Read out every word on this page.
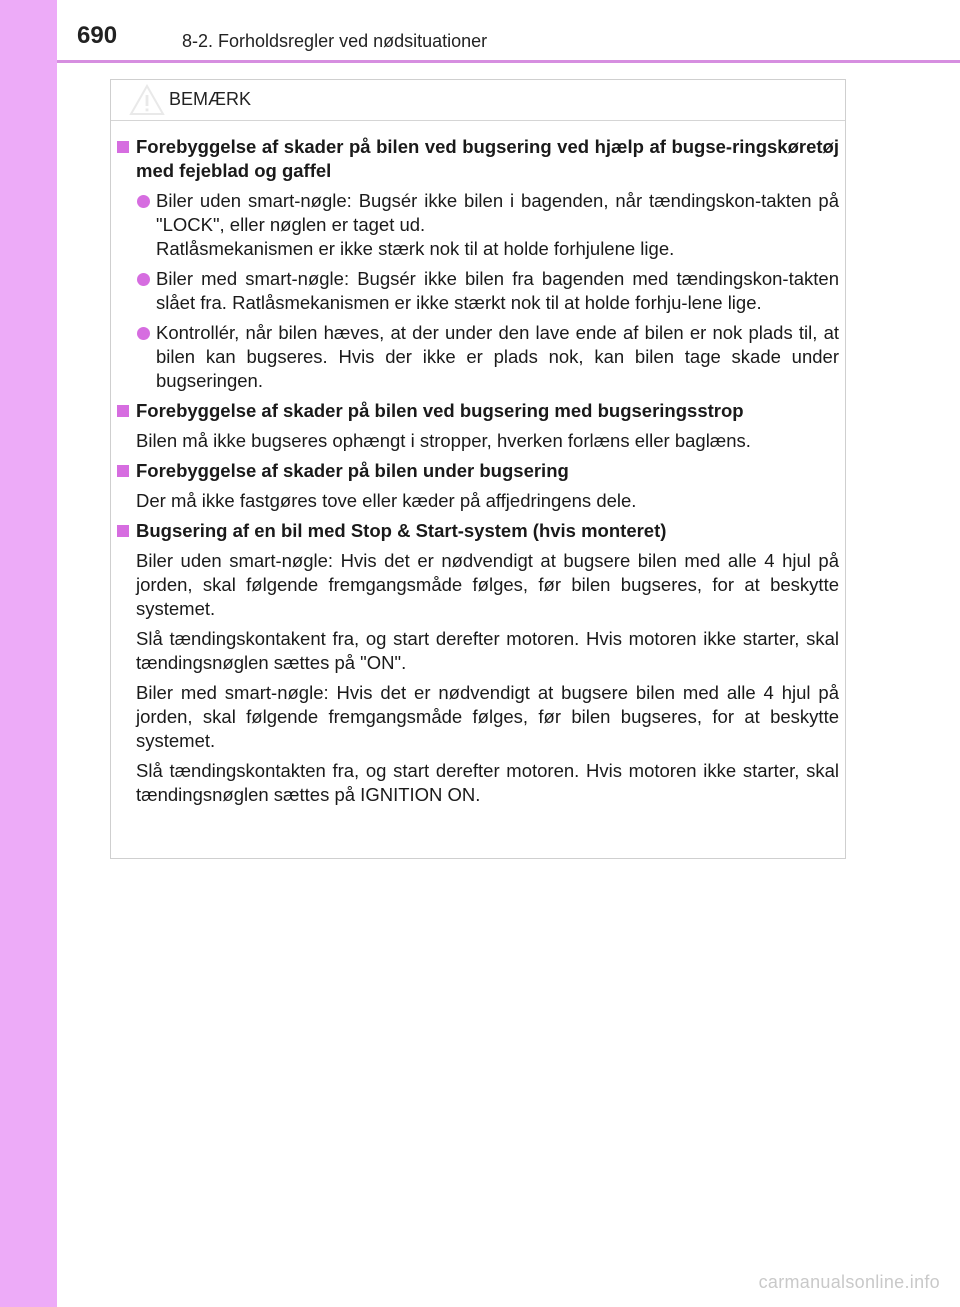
690	8-2. Forholdsregler ved nødsituationer
BEMÆRK
Forebyggelse af skader på bilen ved bugsering ved hjælp af bugse-ringskøretøj med fejeblad og gaffel
Biler uden smart-nøgle: Bugsér ikke bilen i bagenden, når tændingskon-takten på "LOCK", eller nøglen er taget ud.
Ratlåsmekanismen er ikke stærk nok til at holde forhjulene lige.
Biler med smart-nøgle: Bugsér ikke bilen fra bagenden med tændingskon-takten slået fra. Ratlåsmekanismen er ikke stærkt nok til at holde forhju-lene lige.
Kontrollér, når bilen hæves, at der under den lave ende af bilen er nok plads til, at bilen kan bugseres. Hvis der ikke er plads nok, kan bilen tage skade under bugseringen.
Forebyggelse af skader på bilen ved bugsering med bugseringsstrop
Bilen må ikke bugseres ophængt i stropper, hverken forlæns eller baglæns.
Forebyggelse af skader på bilen under bugsering
Der må ikke fastgøres tove eller kæder på affjedringens dele.
Bugsering af en bil med Stop & Start-system (hvis monteret)
Biler uden smart-nøgle: Hvis det er nødvendigt at bugsere bilen med alle 4 hjul på jorden, skal følgende fremgangsmåde følges, før bilen bugseres, for at beskytte systemet.
Slå tændingskontakent fra, og start derefter motoren. Hvis motoren ikke starter, skal tændingsnøglen sættes på "ON".
Biler med smart-nøgle: Hvis det er nødvendigt at bugsere bilen med alle 4 hjul på jorden, skal følgende fremgangsmåde følges, før bilen bugseres, for at beskytte systemet.
Slå tændingskontakten fra, og start derefter motoren. Hvis motoren ikke starter, skal tændingsnøglen sættes på IGNITION ON.
carmanualsonline.info
